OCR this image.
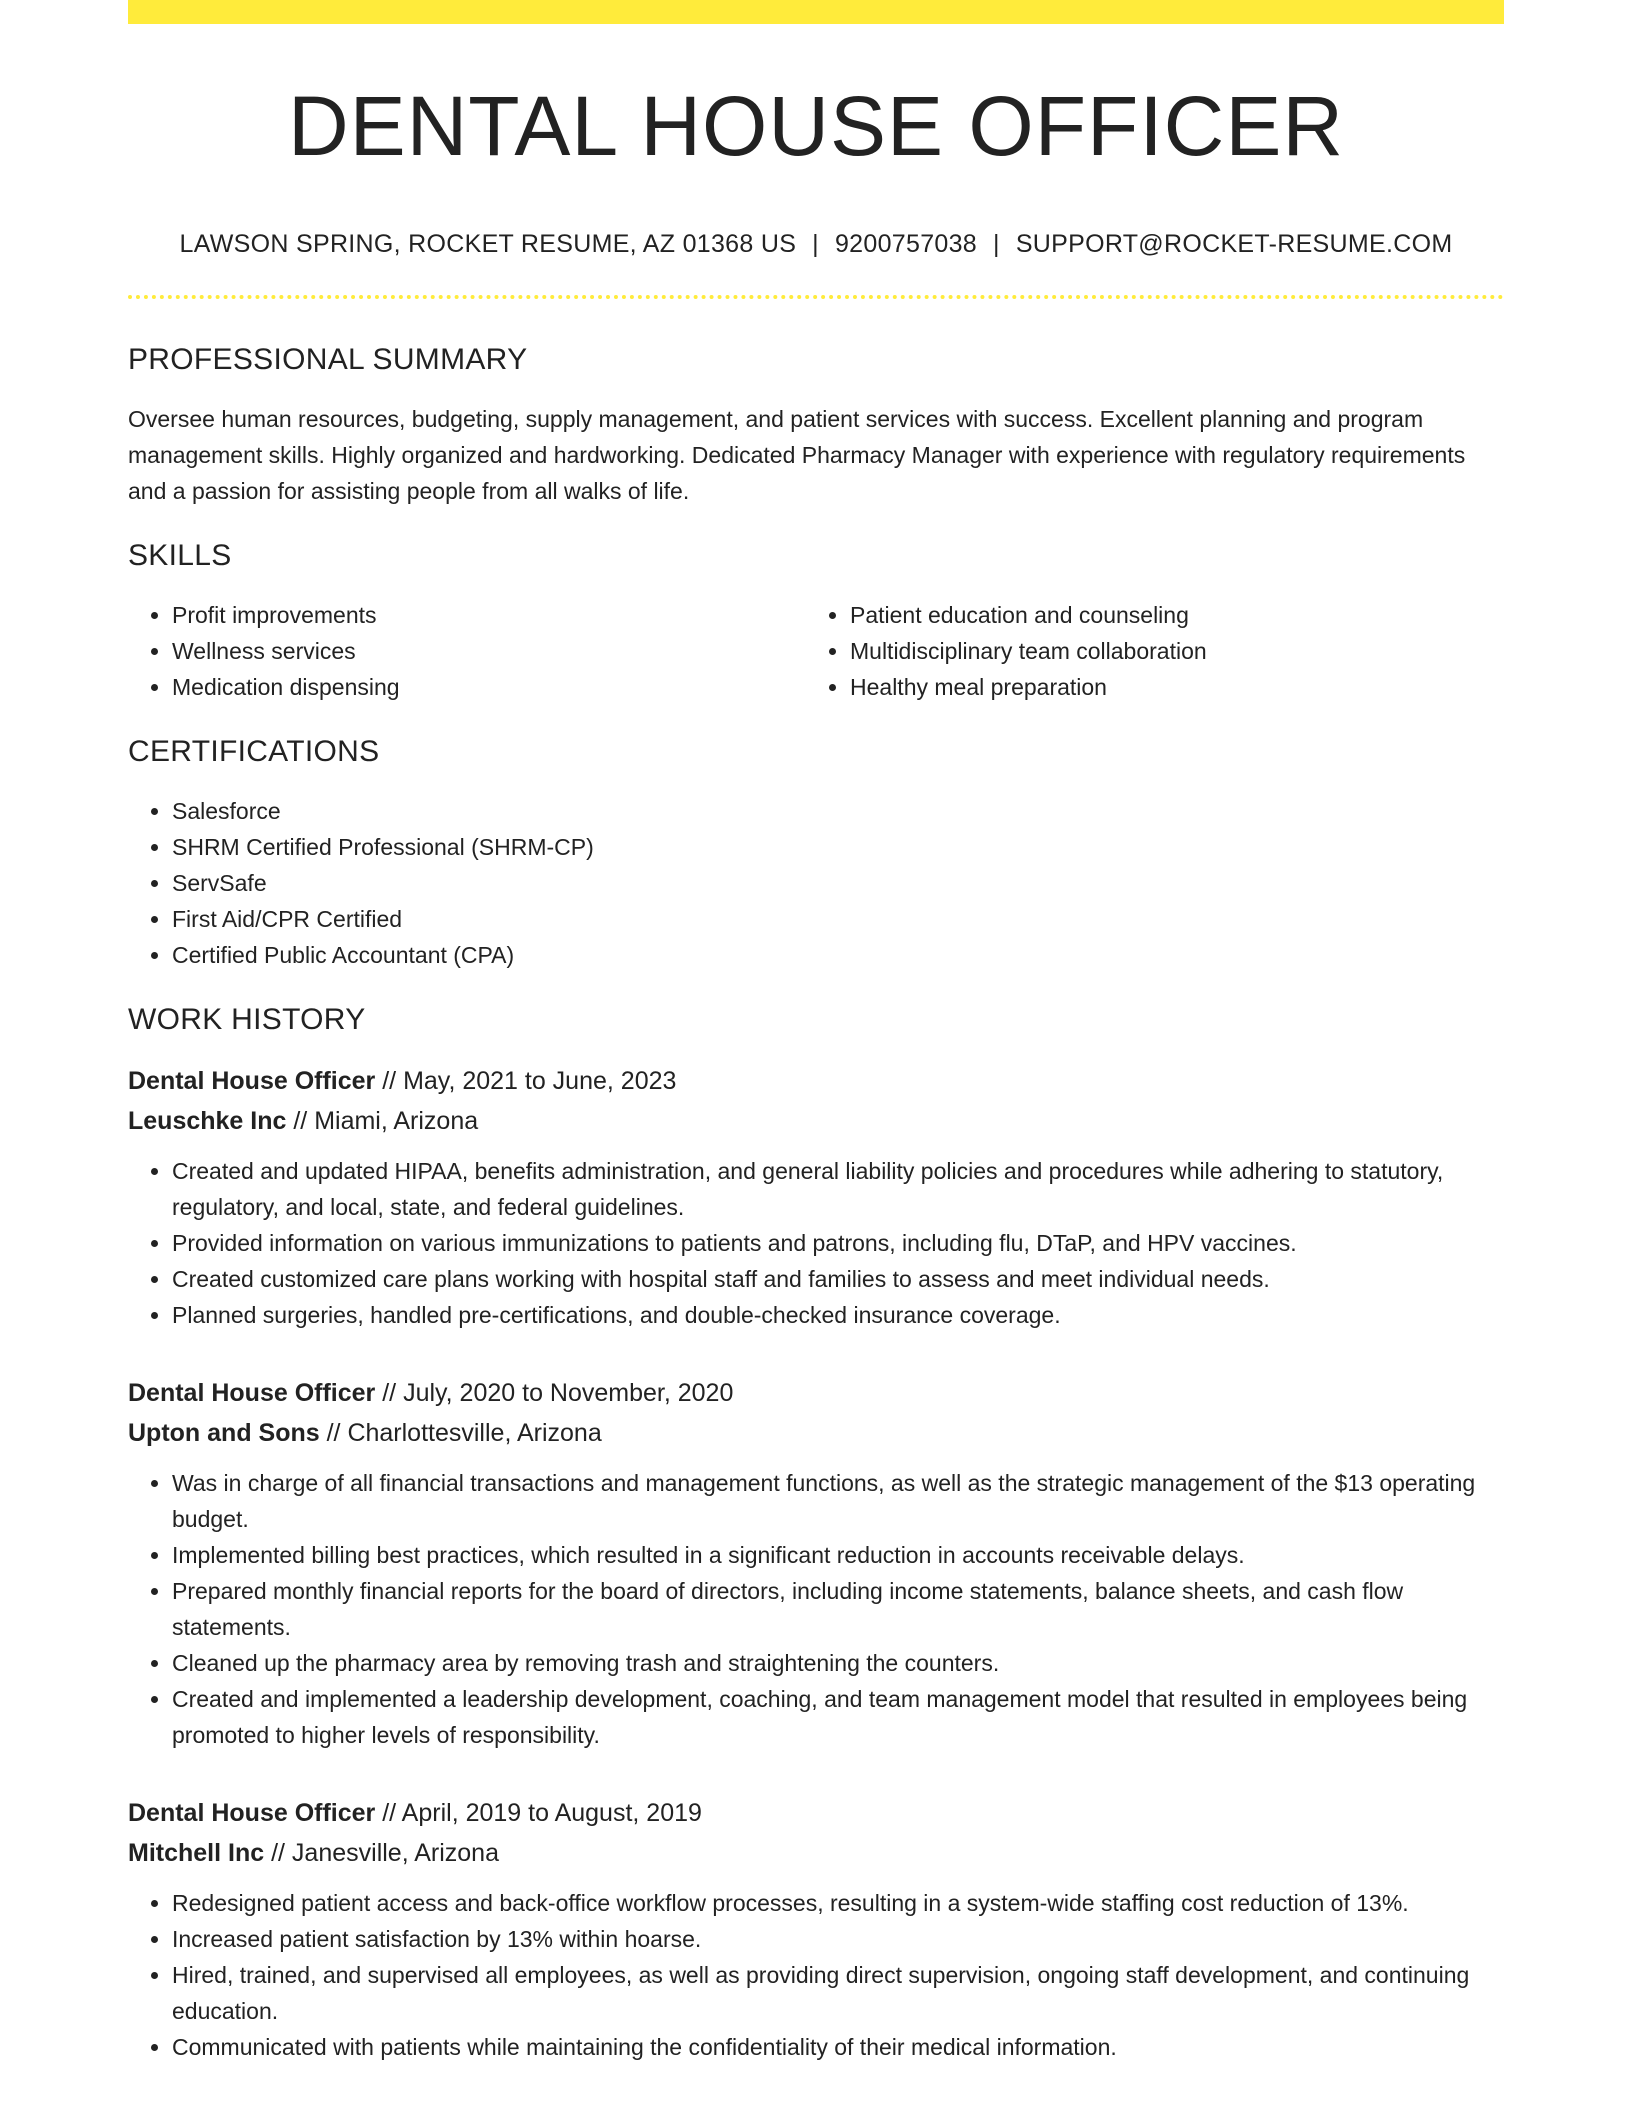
DENTAL HOUSE OFFICER
LAWSON SPRING, ROCKET RESUME, AZ 01368 US | 9200757038 | SUPPORT@ROCKET-RESUME.COM
PROFESSIONAL SUMMARY
Oversee human resources, budgeting, supply management, and patient services with success. Excellent planning and program management skills. Highly organized and hardworking. Dedicated Pharmacy Manager with experience with regulatory requirements and a passion for assisting people from all walks of life.
SKILLS
• Profit improvements
• Wellness services
• Medication dispensing
• Patient education and counseling
• Multidisciplinary team collaboration
• Healthy meal preparation
CERTIFICATIONS
• Salesforce
• SHRM Certified Professional (SHRM-CP)
• ServSafe
• First Aid/CPR Certified
• Certified Public Accountant (CPA)
WORK HISTORY
Dental House Officer // May, 2021 to June, 2023
Leuschke Inc // Miami, Arizona
• Created and updated HIPAA, benefits administration, and general liability policies and procedures while adhering to statutory, regulatory, and local, state, and federal guidelines.
• Provided information on various immunizations to patients and patrons, including flu, DTaP, and HPV vaccines.
• Created customized care plans working with hospital staff and families to assess and meet individual needs.
• Planned surgeries, handled pre-certifications, and double-checked insurance coverage.
Dental House Officer // July, 2020 to November, 2020
Upton and Sons // Charlottesville, Arizona
• Was in charge of all financial transactions and management functions, as well as the strategic management of the $13 operating budget.
• Implemented billing best practices, which resulted in a significant reduction in accounts receivable delays.
• Prepared monthly financial reports for the board of directors, including income statements, balance sheets, and cash flow statements.
• Cleaned up the pharmacy area by removing trash and straightening the counters.
• Created and implemented a leadership development, coaching, and team management model that resulted in employees being promoted to higher levels of responsibility.
Dental House Officer // April, 2019 to August, 2019
Mitchell Inc // Janesville, Arizona
• Redesigned patient access and back-office workflow processes, resulting in a system-wide staffing cost reduction of 13%.
• Increased patient satisfaction by 13% within hoarse.
• Hired, trained, and supervised all employees, as well as providing direct supervision, ongoing staff development, and continuing education.
• Communicated with patients while maintaining the confidentiality of their medical information.
